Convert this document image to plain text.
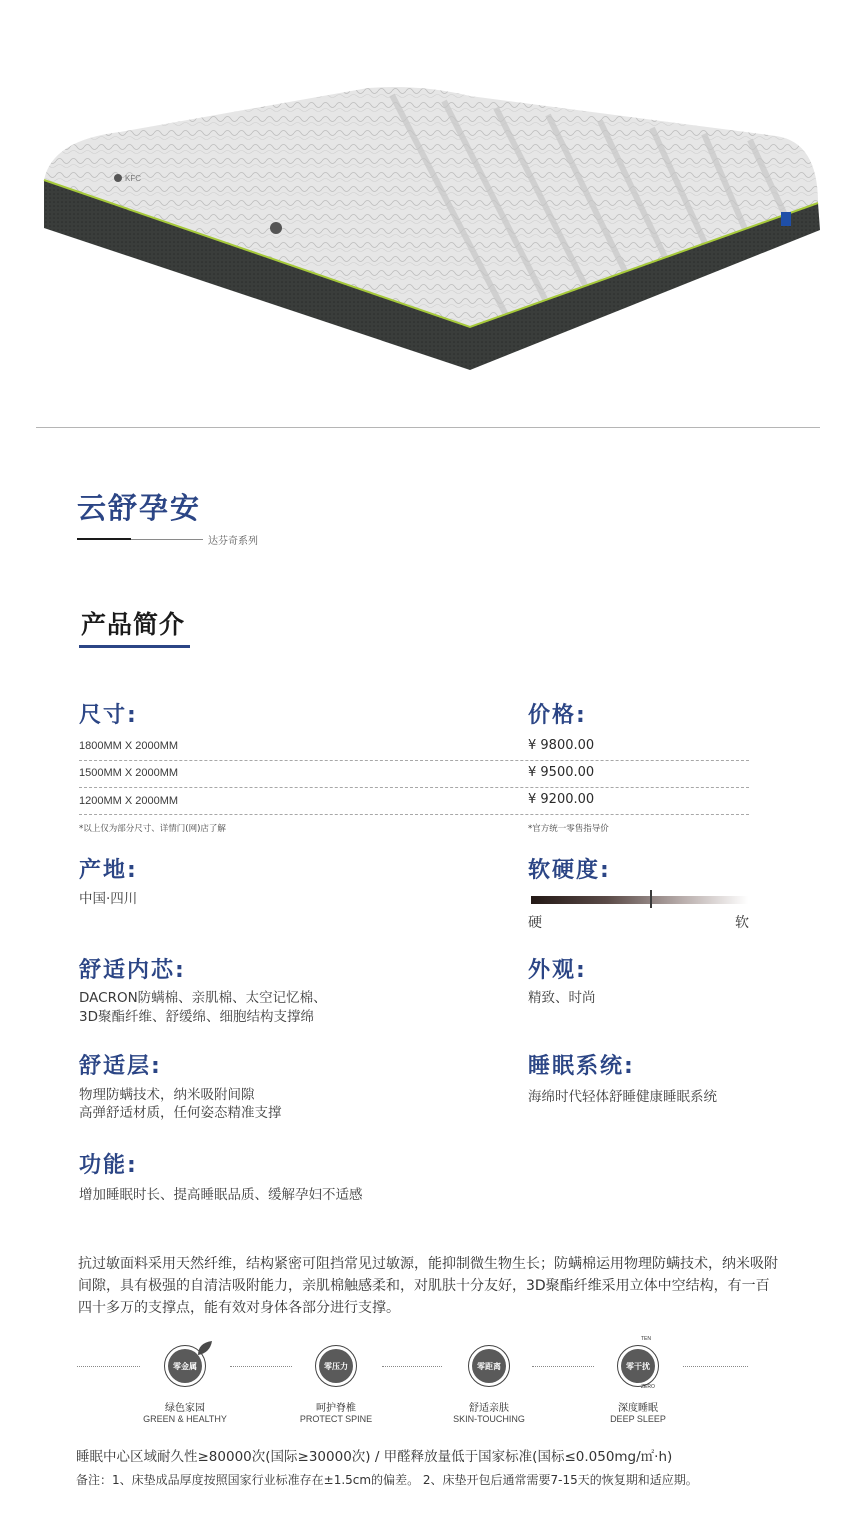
KFC
云舒孕安
达芬奇系列
产品简介
尺寸:
1800MM X 2000MM
1500MM X 2000MM
1200MM X 2000MM
*以上仅为部分尺寸、详情门(网)店了解
价格:
¥ 9800.00
¥ 9500.00
¥ 9200.00
*官方统一零售指导价
产地:
中国·四川
软硬度:
硬	软
舒适内芯:
DACRON防螨棉、亲肌棉、太空记忆棉、
3D聚酯纤维、舒缓绵、细胞结构支撑绵
外观:
精致、时尚
舒适层:
物理防螨技术，纳米吸附间隙
高弹舒适材质，任何姿态精准支撑
睡眠系统:
海绵时代轻体舒睡健康睡眠系统
功能:
增加睡眠时长、提高睡眠品质、缓解孕妇不适感
抗过敏面料采用天然纤维，结构紧密可阻挡常见过敏源，能抑制微生物生长；防螨棉运用物理防螨技术，纳米吸附间隙，具有极强的自清洁吸附能力，亲肌棉触感柔和，对肌肤十分友好，3D聚酯纤维采用立体中空结构，有一百四十多万的支撑点，能有效对身体各部分进行支撑。
零金属
绿色家园
GREEN & HEALTHY
零压力
呵护脊椎
PROTECT SPINE
零距离
舒适亲肤
SKIN-TOUCHING
零干扰
TEN
ZERO
深度睡眠
DEEP SLEEP
睡眠中心区域耐久性≥80000次(国际≥30000次) / 甲醛释放量低于国家标准(国标≤0.050mg/㎡·h)
备注：1、床垫成品厚度按照国家行业标准存在±1.5cm的偏差。 2、床垫开包后通常需要7-15天的恢复期和适应期。
